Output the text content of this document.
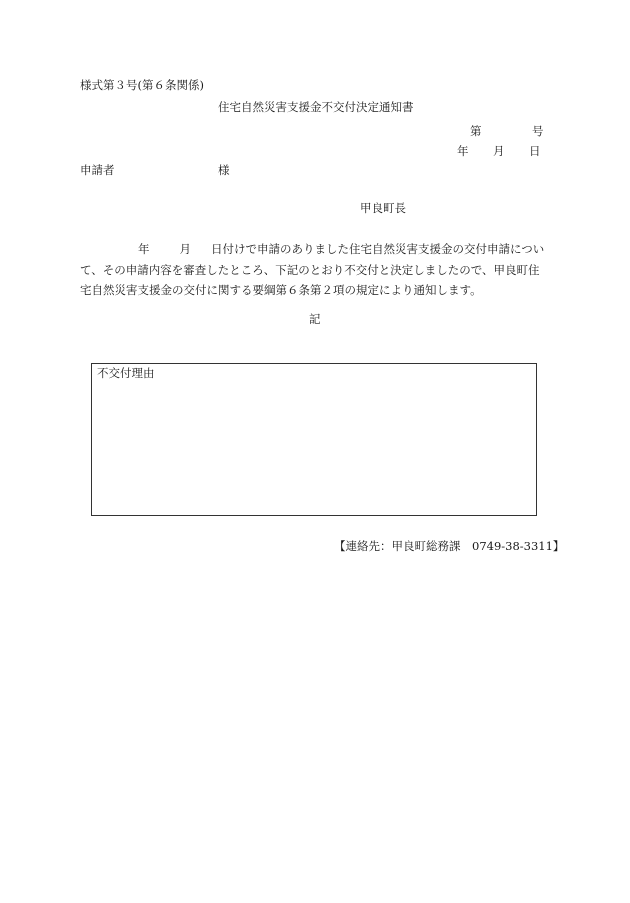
様式第３号(第６条関係)
住宅自然災害支援金不交付決定通知書
第	号
年 月 日
申請者	様
甲良町長
年	月 日付けで申請のありました住宅自然災害支援金の交付申請につい
て、その申請内容を審査したところ、下記のとおり不交付と決定しましたので、甲良町住
宅自然災害支援金の交付に関する要綱第６条第２項の規定により通知します。
記
不交付理由
【連絡先：甲良町総務課　0749-38-3311】
